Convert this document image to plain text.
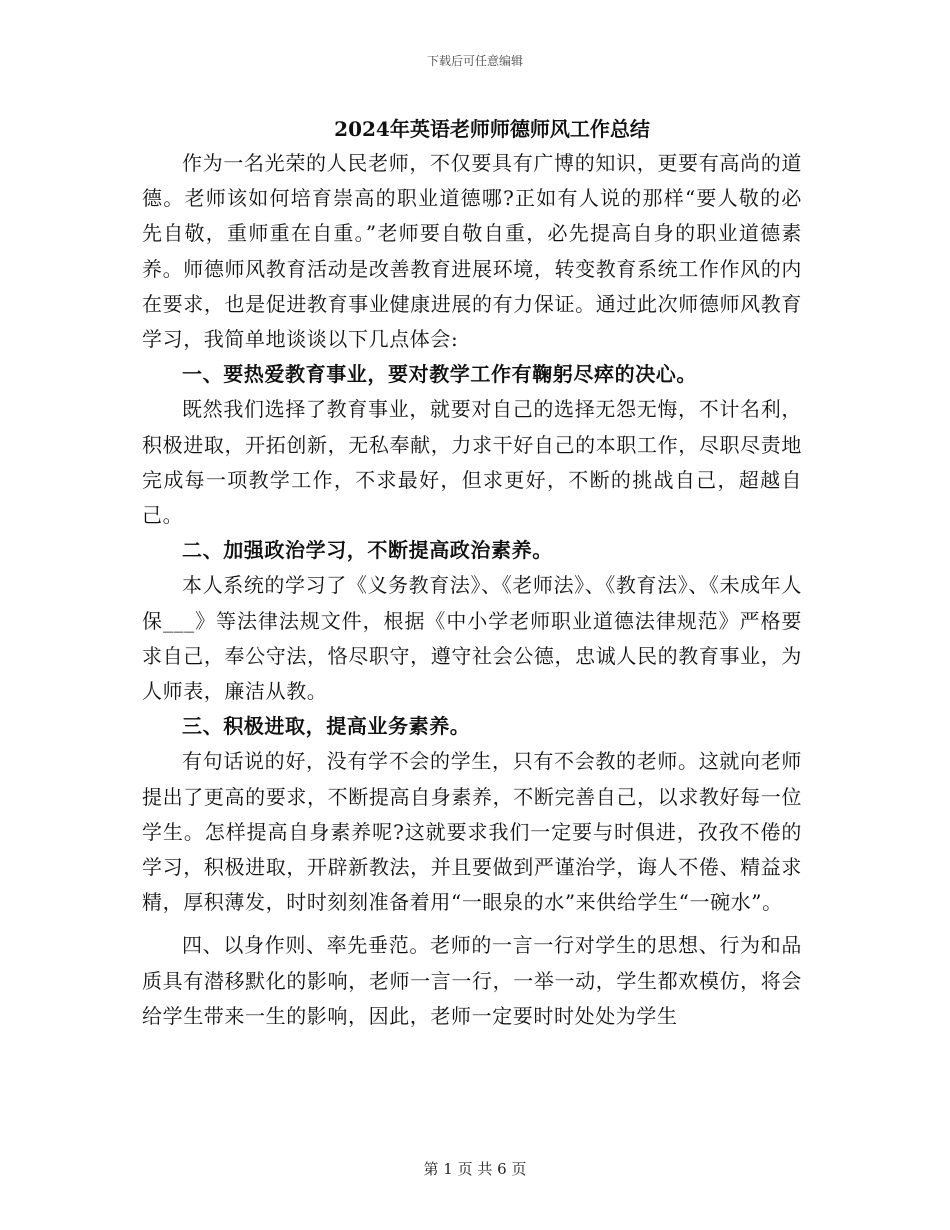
下载后可任意编辑
2024年英语老师师德师风工作总结

作为一名光荣的人民老师，不仅要具有广博的知识，更要有高尚的道德。老师该如何培育崇高的职业道德哪?正如有人说的那样“要人敬的必先自敬，重师重在自重。”老师要自敬自重，必先提高自身的职业道德素养。师德师风教育活动是改善教育进展环境，转变教育系统工作作风的内在要求，也是促进教育事业健康进展的有力保证。通过此次师德师风教育学习，我简单地谈谈以下几点体会:

一、要热爱教育事业，要对教学工作有鞠躬尽瘁的决心。

既然我们选择了教育事业，就要对自己的选择无怨无悔，不计名利，积极进取，开拓创新，无私奉献，力求干好自己的本职工作，尽职尽责地完成每一项教学工作，不求最好，但求更好，不断的挑战自己，超越自己。

二、加强政治学习，不断提高政治素养。

本人系统的学习了《义务教育法》、《老师法》、《教育法》、《未成年人保___》等法律法规文件，根据《中小学老师职业道德法律规范》严格要求自己，奉公守法，恪尽职守，遵守社会公德，忠诚人民的教育事业，为人师表，廉洁从教。

三、积极进取，提高业务素养。

有句话说的好，没有学不会的学生，只有不会教的老师。这就向老师提出了更高的要求，不断提高自身素养，不断完善自己，以求教好每一位学生。怎样提高自身素养呢?这就要求我们一定要与时俱进，孜孜不倦的学习，积极进取，开辟新教法，并且要做到严谨治学，诲人不倦、精益求精，厚积薄发，时时刻刻准备着用“一眼泉的水”来供给学生“一碗水”。

四、以身作则、率先垂范。老师的一言一行对学生的思想、行为和品质具有潜移默化的影响，老师一言一行，一举一动，学生都欢模仿，将会给学生带来一生的影响，因此，老师一定要时时处处为学生

第 1 页 共 6 页
